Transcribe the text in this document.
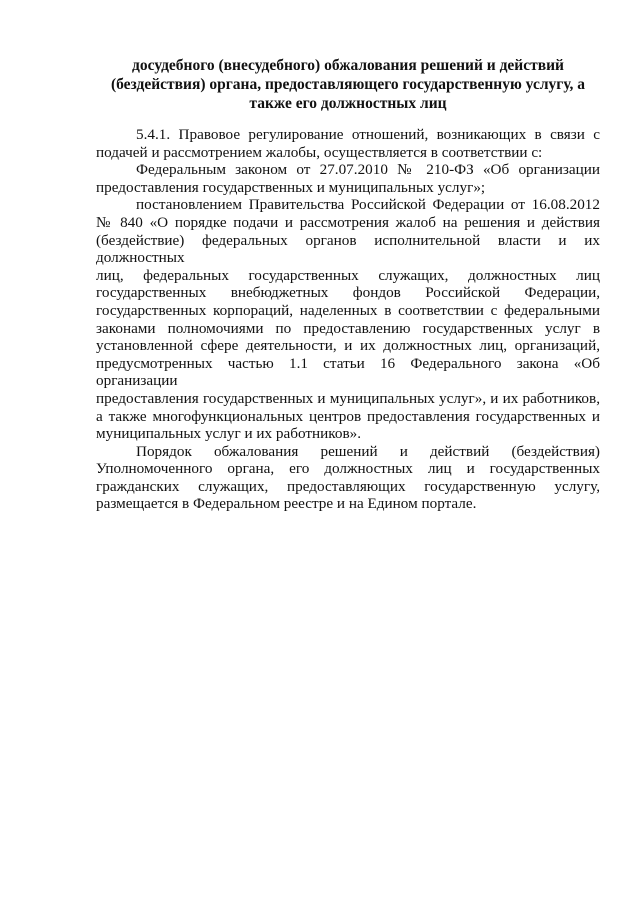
досудебного (внесудебного) обжалования решений и действий
(бездействия) органа, предоставляющего государственную услугу, а
также его должностных лиц
5.4.1. Правовое регулирование отношений, возникающих в связи с
подачей и рассмотрением жалобы, осуществляется в соответствии с:
Федеральным законом от 27.07.2010 № 210-ФЗ «Об организации
предоставления государственных и муниципальных услуг»;
постановлением Правительства Российской Федерации от 16.08.2012
№ 840 «О порядке подачи и рассмотрения жалоб на решения и действия
(бездействие) федеральных органов исполнительной власти и их должностных
лиц, федеральных государственных служащих, должностных лиц
государственных внебюджетных фондов Российской Федерации,
государственных корпораций, наделенных в соответствии с федеральными
законами полномочиями по предоставлению государственных услуг в
установленной сфере деятельности, и их должностных лиц, организаций,
предусмотренных частью 1.1 статьи 16 Федерального закона «Об организации
предоставления государственных и муниципальных услуг», и их работников,
а также многофункциональных центров предоставления государственных и
муниципальных услуг и их работников».
Порядок обжалования решений и действий (бездействия)
Уполномоченного органа, его должностных лиц и государственных
гражданских служащих, предоставляющих государственную услугу,
размещается в Федеральном реестре и на Едином портале.
